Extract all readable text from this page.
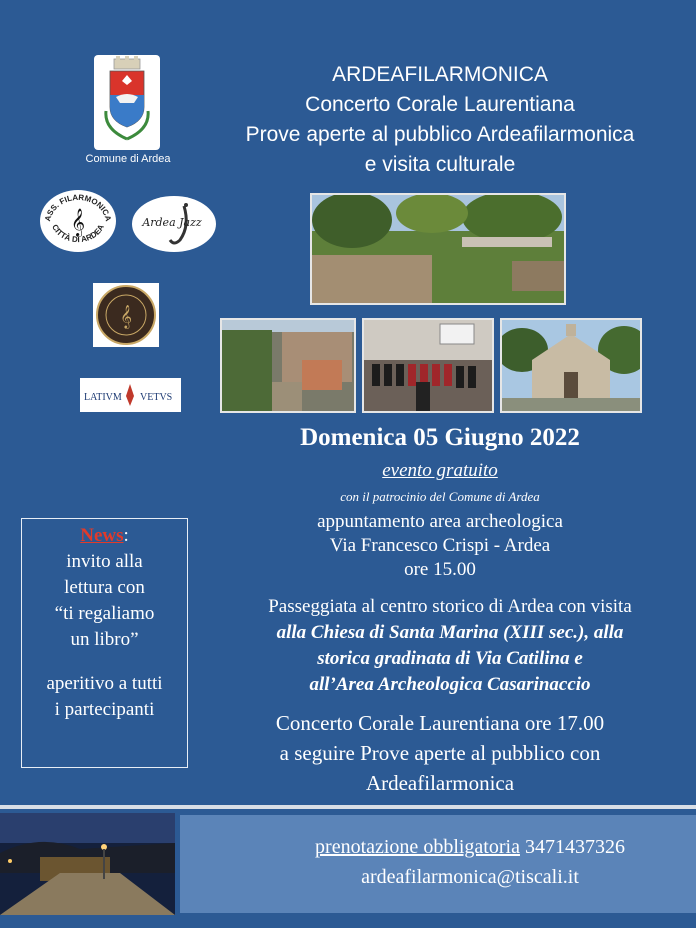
ARDEAFILARMONICA
Concerto Corale Laurentiana
Prove aperte al pubblico Ardeafilarmonica
e visita culturale
Comune di Ardea
ASS. FILARMONICA
CITTÀ DI ARDEA
𝄞	Ardea Jazz
𝄞
LATIVM VETVS
Domenica 05 Giugno 2022
evento gratuito
con il patrocinio del Comune di Ardea
appuntamento area archeologica
Via Francesco Crispi - Ardea
ore 15.00
Passeggiata al centro storico di Ardea con visita
alla Chiesa di Santa Marina (XIII sec.), alla
storica gradinata di Via Catilina e
all’Area Archeologica Casarinaccio
Concerto Corale Laurentiana ore 17.00
a seguire Prove aperte al pubblico con
Ardeafilarmonica
News:
invito alla
lettura con
“ti regaliamo
un libro”
aperitivo a tutti
i partecipanti
prenotazione obbligatoria 3471437326
ardeafilarmonica@tiscali.it
